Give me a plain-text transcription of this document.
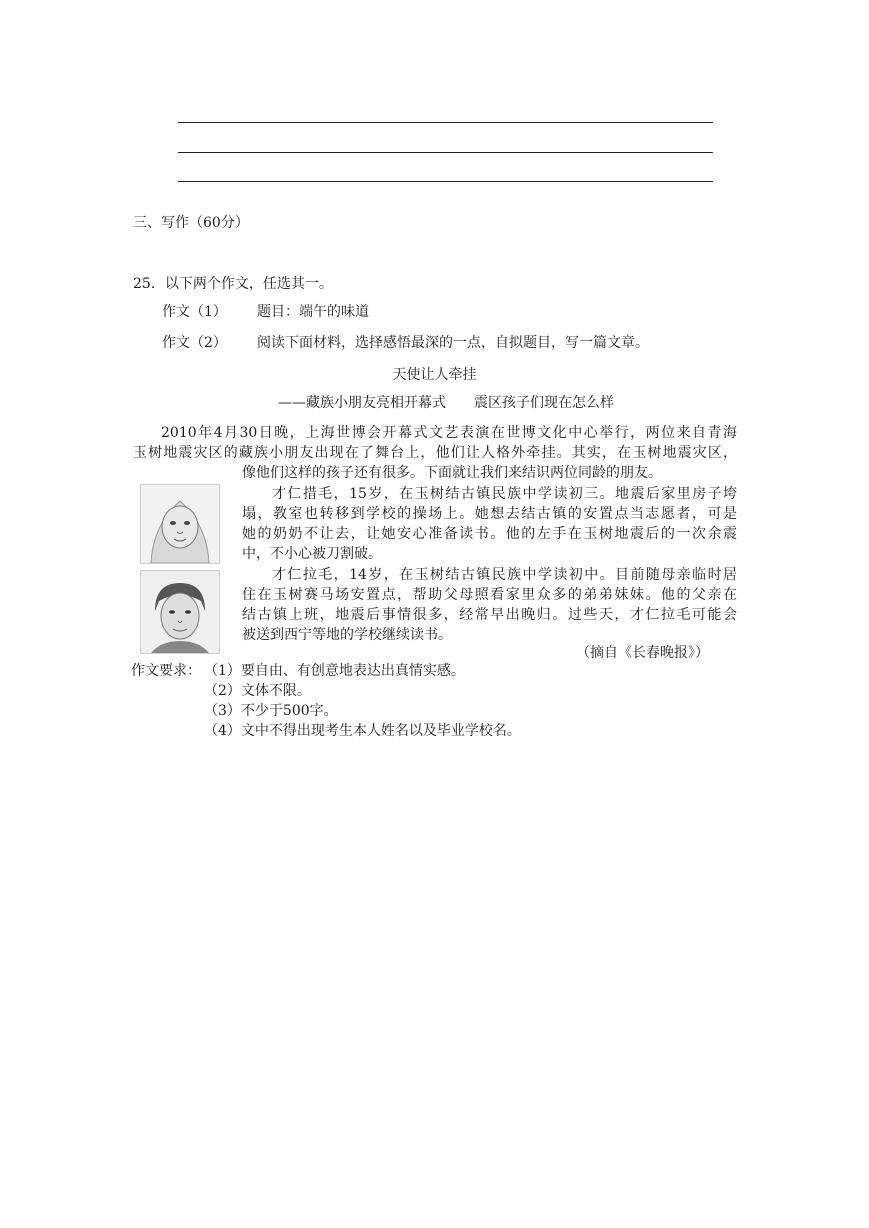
三、写作（60分）
25．以下两个作文，任选其一。
作文（1） 题目：端午的味道
作文（2） 阅读下面材料，选择感悟最深的一点，自拟题目，写一篇文章。
天使让人牵挂
——藏族小朋友亮相开幕式　　震区孩子们现在怎么样
2010年4月30日晚，上海世博会开幕式文艺表演在世博文化中心举行，两位来自青海
玉树地震灾区的藏族小朋友出现在了舞台上，他们让人格外牵挂。其实，在玉树地震灾区，
像他们这样的孩子还有很多。下面就让我们来结识两位同龄的朋友。
才仁措毛，15岁，在玉树结古镇民族中学读初三。地震后家里房子垮
塌，教室也转移到学校的操场上。她想去结古镇的安置点当志愿者，可是
她的奶奶不让去，让她安心准备读书。他的左手在玉树地震后的一次余震
中，不小心被刀割破。
才仁拉毛，14岁，在玉树结古镇民族中学读初中。目前随母亲临时居
住在玉树赛马场安置点，帮助父母照看家里众多的弟弟妹妹。他的父亲在
结古镇上班，地震后事情很多，经常早出晚归。过些天，才仁拉毛可能会
被送到西宁等地的学校继续读书。
（摘自《长春晚报》）
作文要求： （1）要自由、有创意地表达出真情实感。
（2）文体不限。
（3）不少于500字。
（4）文中不得出现考生本人姓名以及毕业学校名。
